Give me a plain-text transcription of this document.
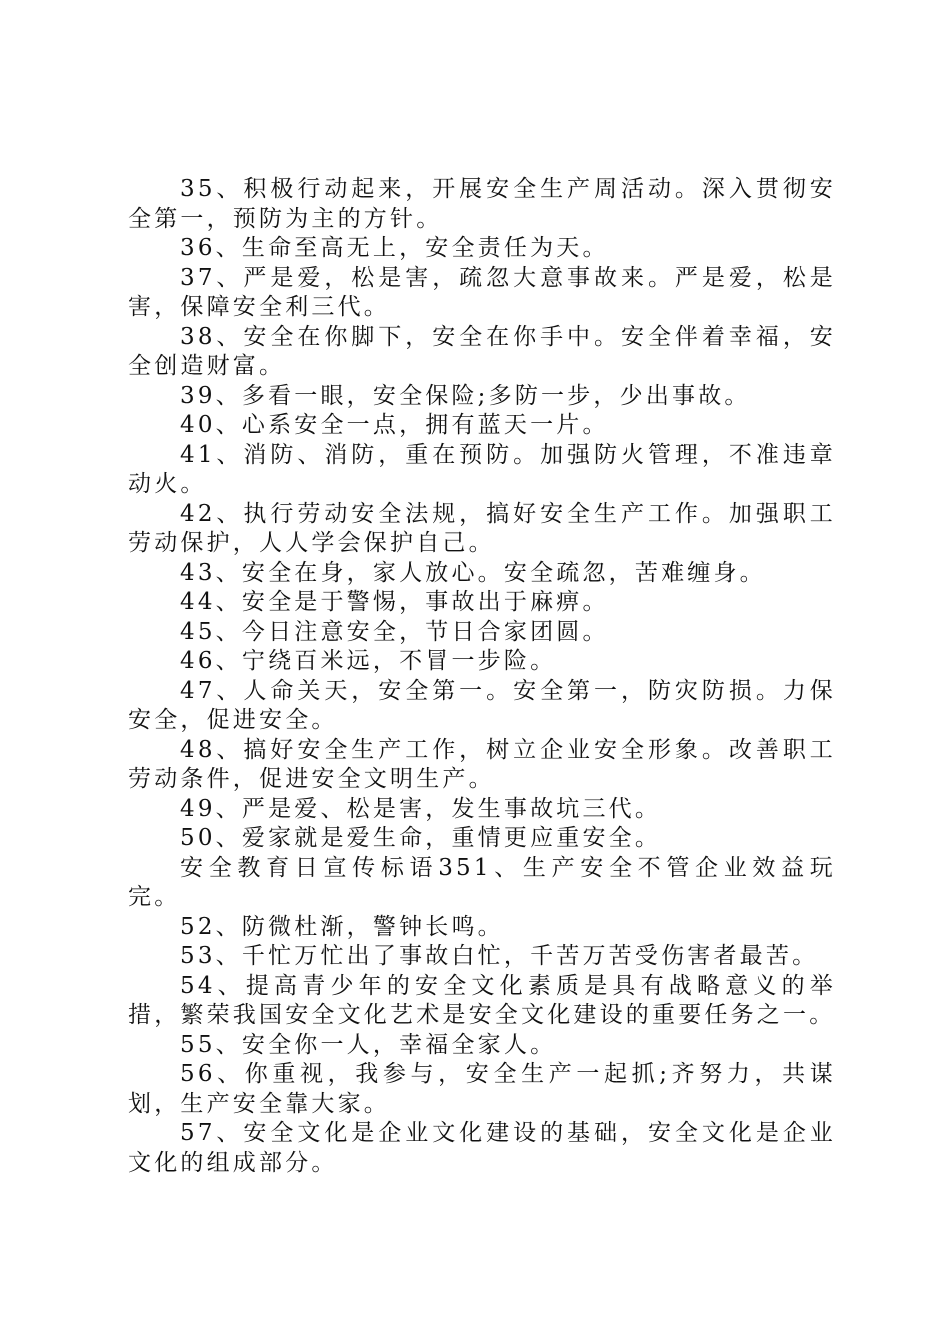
35、积极行动起来，开展安全生产周活动。深入贯彻安全第一，预防为主的方针。

36、生命至高无上，安全责任为天。

37、严是爱，松是害，疏忽大意事故来。严是爱，松是害，保障安全利三代。

38、安全在你脚下，安全在你手中。安全伴着幸福，安全创造财富。

39、多看一眼，安全保险;多防一步，少出事故。

40、心系安全一点，拥有蓝天一片。

41、消防、消防，重在预防。加强防火管理，不准违章动火。

42、执行劳动安全法规，搞好安全生产工作。加强职工劳动保护，人人学会保护自己。

43、安全在身，家人放心。安全疏忽，苦难缠身。

44、安全是于警惕，事故出于麻痹。

45、今日注意安全，节日合家团圆。

46、宁绕百米远，不冒一步险。

47、人命关天，安全第一。安全第一，防灾防损。力保安全，促进安全。

48、搞好安全生产工作，树立企业安全形象。改善职工劳动条件，促进安全文明生产。

49、严是爱、松是害，发生事故坑三代。

50、爱家就是爱生命，重情更应重安全。

安全教育日宣传标语351、生产安全不管企业效益玩完。

52、防微杜渐，警钟长鸣。

53、千忙万忙出了事故白忙，千苦万苦受伤害者最苦。

54、提高青少年的安全文化素质是具有战略意义的举措，繁荣我国安全文化艺术是安全文化建设的重要任务之一。

55、安全你一人，幸福全家人。

56、你重视，我参与，安全生产一起抓;齐努力，共谋划，生产安全靠大家。

57、安全文化是企业文化建设的基础，安全文化是企业文化的组成部分。
